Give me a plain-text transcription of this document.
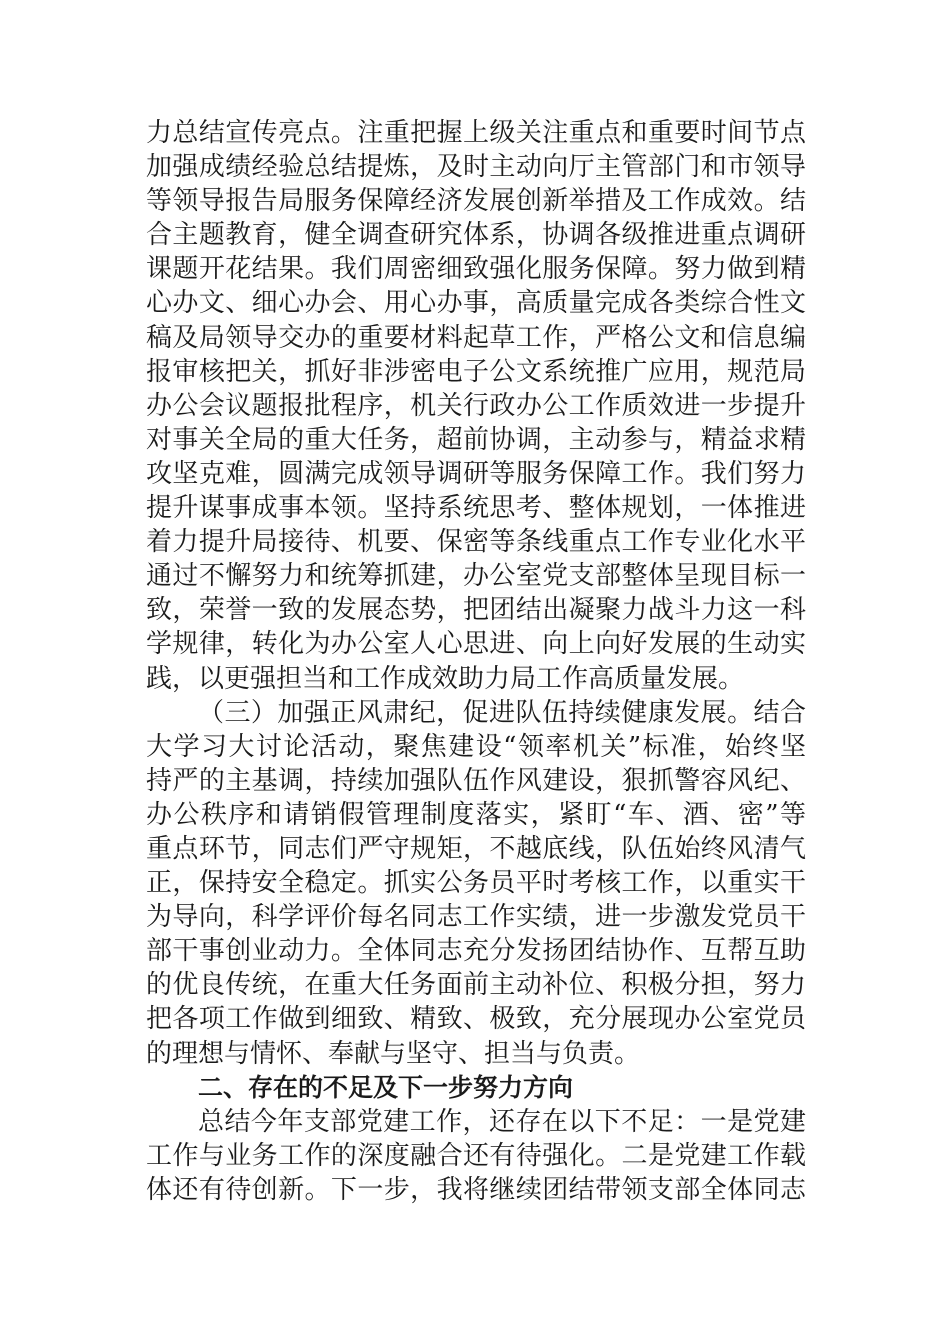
力总结宣传亮点。注重把握上级关注重点和重要时间节点
加强成绩经验总结提炼，及时主动向厅主管部门和市领导
等领导报告局服务保障经济发展创新举措及工作成效。结
合主题教育，健全调查研究体系，协调各级推进重点调研
课题开花结果。我们周密细致强化服务保障。努力做到精
心办文、细心办会、用心办事，高质量完成各类综合性文
稿及局领导交办的重要材料起草工作，严格公文和信息编
报审核把关，抓好非涉密电子公文系统推广应用，规范局
办公会议题报批程序，机关行政办公工作质效进一步提升
对事关全局的重大任务，超前协调，主动参与，精益求精
攻坚克难，圆满完成领导调研等服务保障工作。我们努力
提升谋事成事本领。坚持系统思考、整体规划，一体推进
着力提升局接待、机要、保密等条线重点工作专业化水平
通过不懈努力和统筹抓建，办公室党支部整体呈现目标一
致，荣誉一致的发展态势，把团结出凝聚力战斗力这一科
学规律，转化为办公室人心思进、向上向好发展的生动实
践，以更强担当和工作成效助力局工作高质量发展。
（三）加强正风肃纪，促进队伍持续健康发展。结合
大学习大讨论活动，聚焦建设“领率机关”标准，始终坚
持严的主基调，持续加强队伍作风建设，狠抓警容风纪、
办公秩序和请销假管理制度落实，紧盯“车、酒、密”等
重点环节，同志们严守规矩，不越底线，队伍始终风清气
正，保持安全稳定。抓实公务员平时考核工作，以重实干
为导向，科学评价每名同志工作实绩，进一步激发党员干
部干事创业动力。全体同志充分发扬团结协作、互帮互助
的优良传统，在重大任务面前主动补位、积极分担，努力
把各项工作做到细致、精致、极致，充分展现办公室党员
的理想与情怀、奉献与坚守、担当与负责。
二、存在的不足及下一步努力方向
总结今年支部党建工作，还存在以下不足：一是党建
工作与业务工作的深度融合还有待强化。二是党建工作载
体还有待创新。下一步，我将继续团结带领支部全体同志
